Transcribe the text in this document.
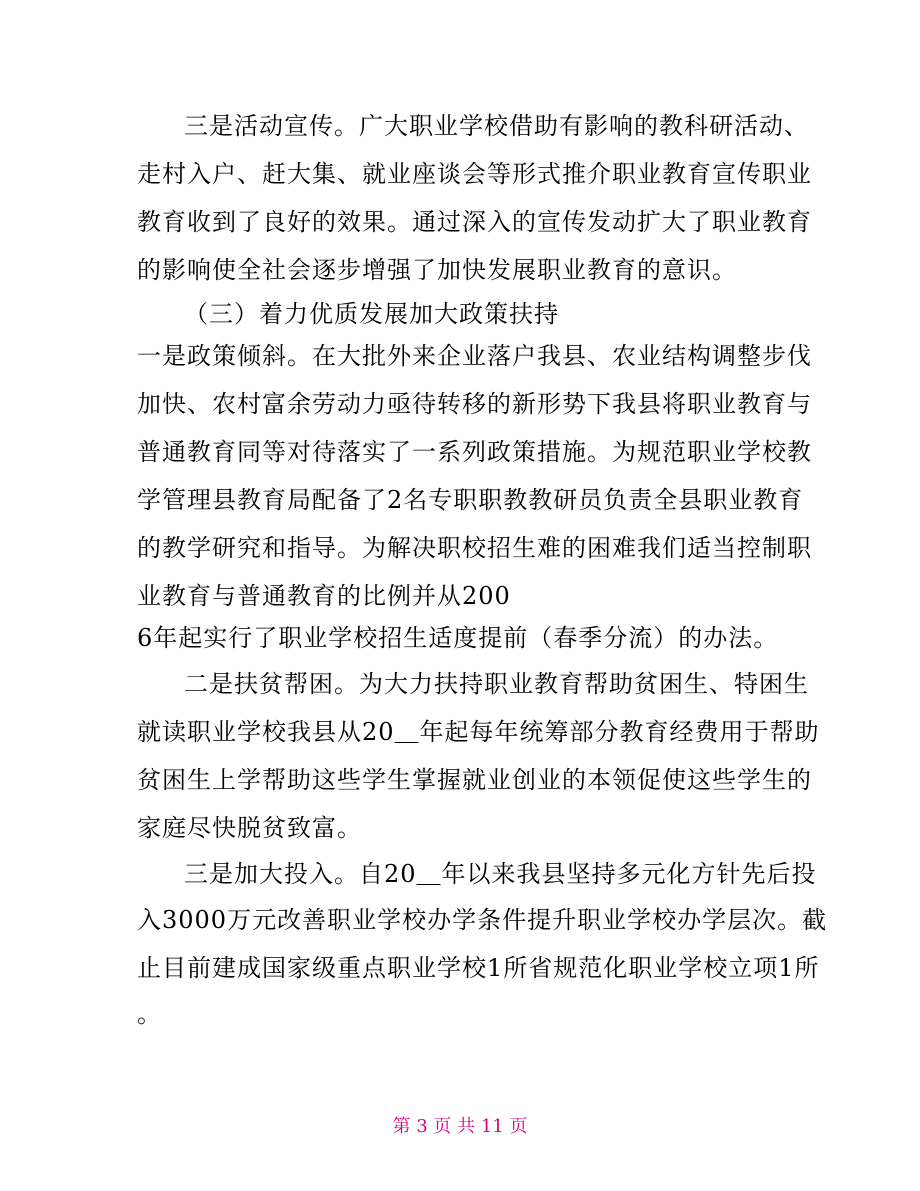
三是活动宣传。广大职业学校借助有影响的教科研活动、
走村入户、赶大集、就业座谈会等形式推介职业教育宣传职业
教育收到了良好的效果。通过深入的宣传发动扩大了职业教育
的影响使全社会逐步增强了加快发展职业教育的意识。
（三）着力优质发展加大政策扶持
一是政策倾斜。在大批外来企业落户我县、农业结构调整步伐
加快、农村富余劳动力亟待转移的新形势下我县将职业教育与
普通教育同等对待落实了一系列政策措施。为规范职业学校教
学管理县教育局配备了2名专职职教教研员负责全县职业教育
的教学研究和指导。为解决职校招生难的困难我们适当控制职
业教育与普通教育的比例并从200
6年起实行了职业学校招生适度提前（春季分流）的办法。
二是扶贫帮困。为大力扶持职业教育帮助贫困生、特困生
就读职业学校我县从20＿年起每年统筹部分教育经费用于帮助
贫困生上学帮助这些学生掌握就业创业的本领促使这些学生的
家庭尽快脱贫致富。
三是加大投入。自20＿年以来我县坚持多元化方针先后投
入3000万元改善职业学校办学条件提升职业学校办学层次。截
止目前建成国家级重点职业学校1所省规范化职业学校立项1所
。
第 3 页 共 11 页
